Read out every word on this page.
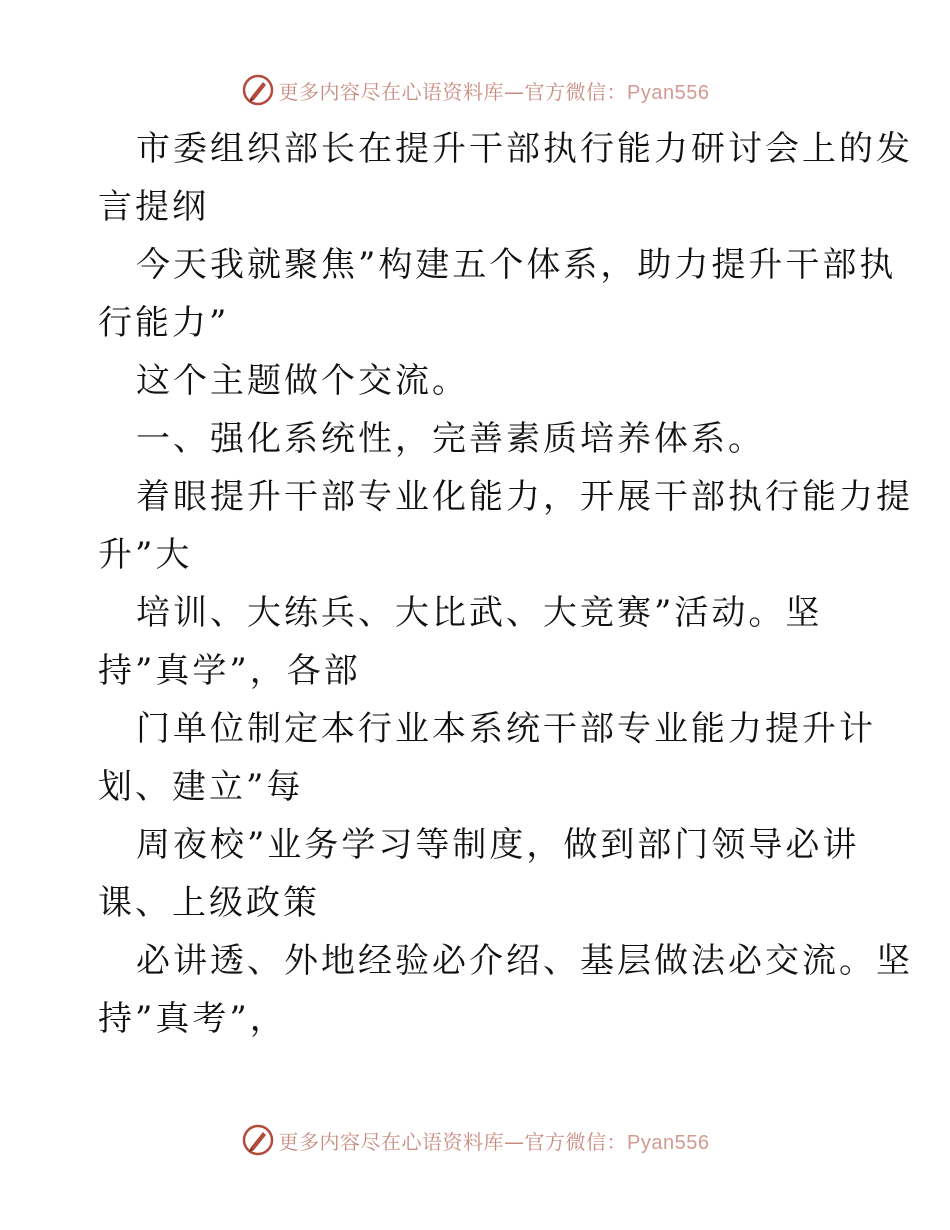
更多内容尽在心语资料库—官方微信：Pyan556
市委组织部长在提升干部执行能力研讨会上的发
言提纲
今天我就聚焦”构建五个体系，助力提升干部执
行能力”
这个主题做个交流。
一、强化系统性，完善素质培养体系。
着眼提升干部专业化能力，开展干部执行能力提
升”大
培训、大练兵、大比武、大竞赛”活动。坚
持”真学”，各部
门单位制定本行业本系统干部专业能力提升计
划、建立”每
周夜校”业务学习等制度，做到部门领导必讲
课、上级政策
必讲透、外地经验必介绍、基层做法必交流。坚
持”真考”，
更多内容尽在心语资料库—官方微信：Pyan556
